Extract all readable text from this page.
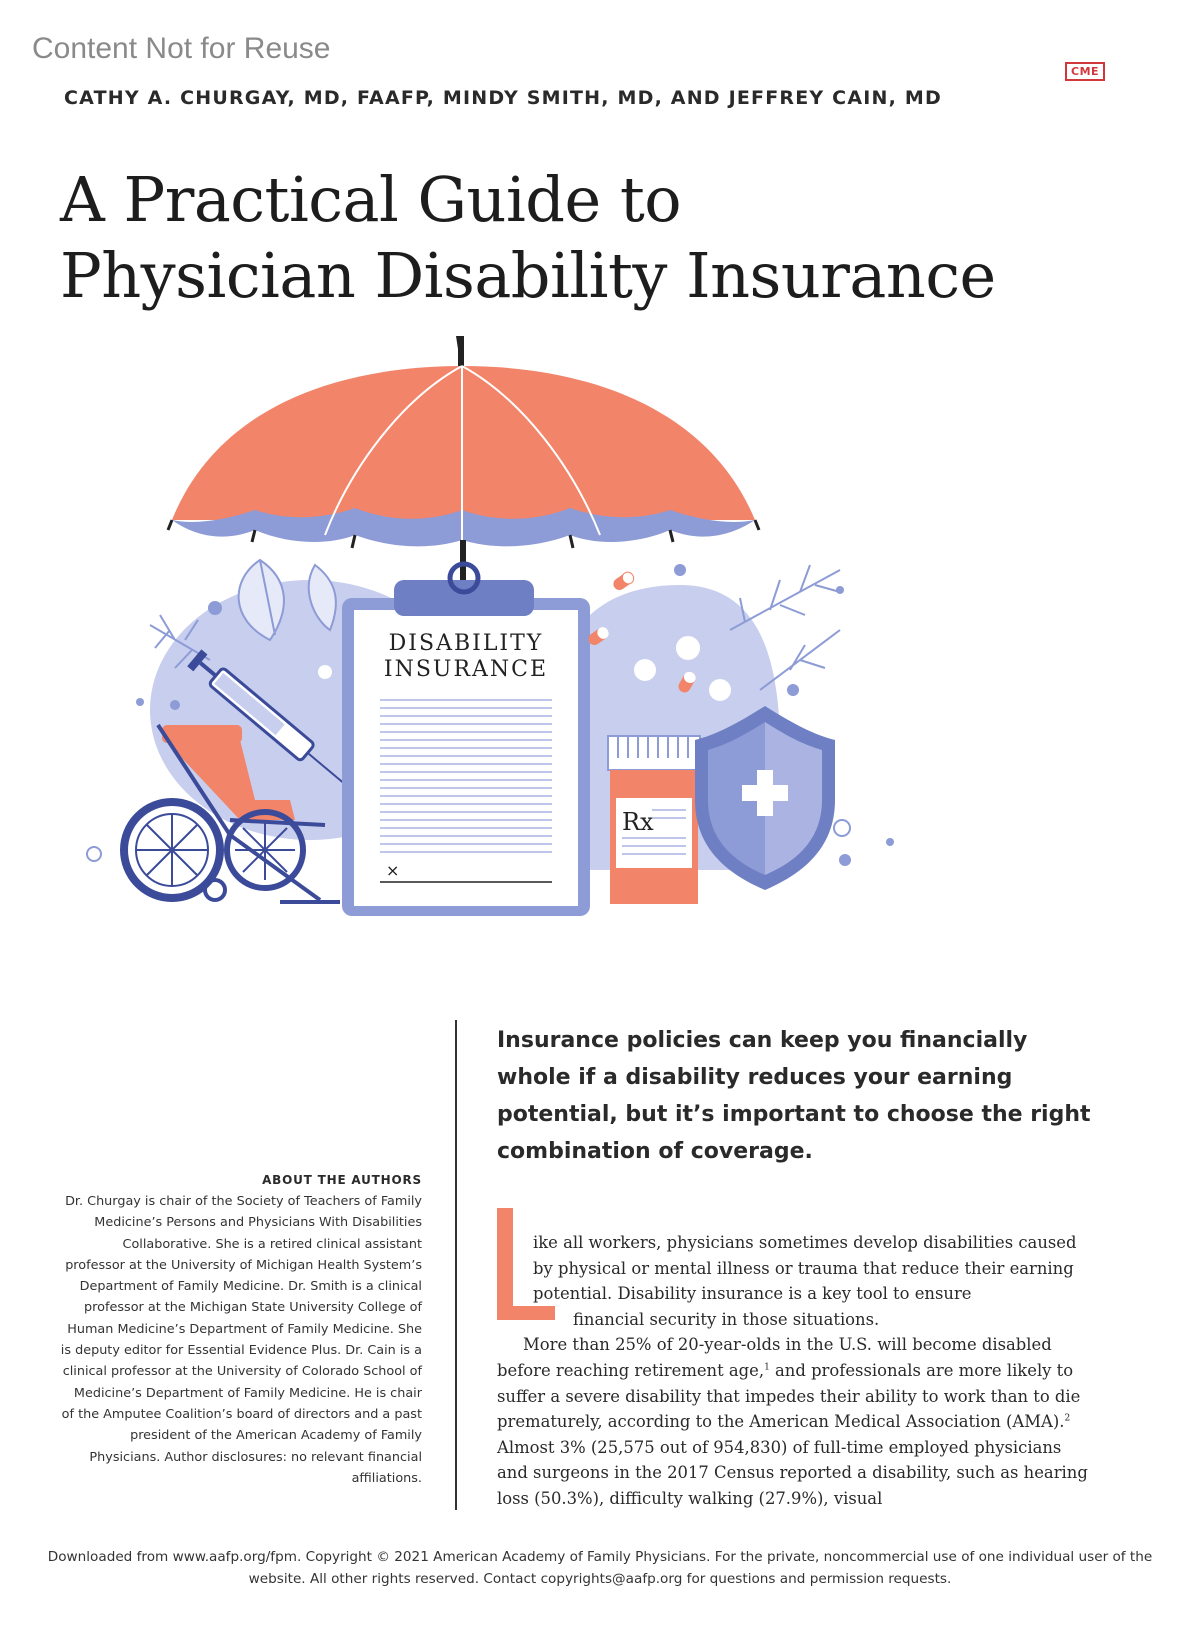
Content Not for Reuse
CME
CATHY A. CHURGAY, MD, FAAFP, MINDY SMITH, MD, AND JEFFREY CAIN, MD
A Practical Guide to
Physician Disability Insurance
DISABILITY
INSURANCE
×
Rx

Insurance policies can keep you financially whole if a disability reduces your earning potential, but it’s important to choose the right combination of coverage.

ABOUT THE AUTHORS

Dr. Churgay is chair of the Society of Teachers of Family Medicine’s Persons and Physicians With Disabilities Collaborative. She is a retired clinical assistant professor at the University of Michigan Health System’s Department of Family Medicine. Dr. Smith is a clinical professor at the Michigan State University College of Human Medicine’s Department of Family Medicine. She is deputy editor for Essential Evidence Plus. Dr. Cain is a clinical professor at the University of Colorado School of Medicine’s Department of Family Medicine. He is chair of the Amputee Coalition’s board of directors and a past president of the American Academy of Family Physicians. Author disclosures: no relevant financial affiliations.

ike all workers, physicians sometimes develop disabilities caused by physical or mental illness or trauma that reduce their earning potential. Disability insurance is a key tool to ensure
financial security in those situations.

More than 25% of 20-year-olds in the U.S. will become disabled before reaching retirement age,$^1$ and professionals are more likely to suffer a severe disability that impedes their ability to work than to die prematurely, according to the American Medical Association (AMA).$^2$ Almost 3% (25,575 out of 954,830) of full-time employed physicians and surgeons in the 2017 Census reported a disability, such as hearing loss (50.3%), difficulty walking (27.9%), visual

Downloaded from www.aafp.org/fpm. Copyright © 2021 American Academy of Family Physicians. For the private, noncommercial use of one individual user of the website. All other rights reserved. Contact copyrights@aafp.org for questions and permission requests.
